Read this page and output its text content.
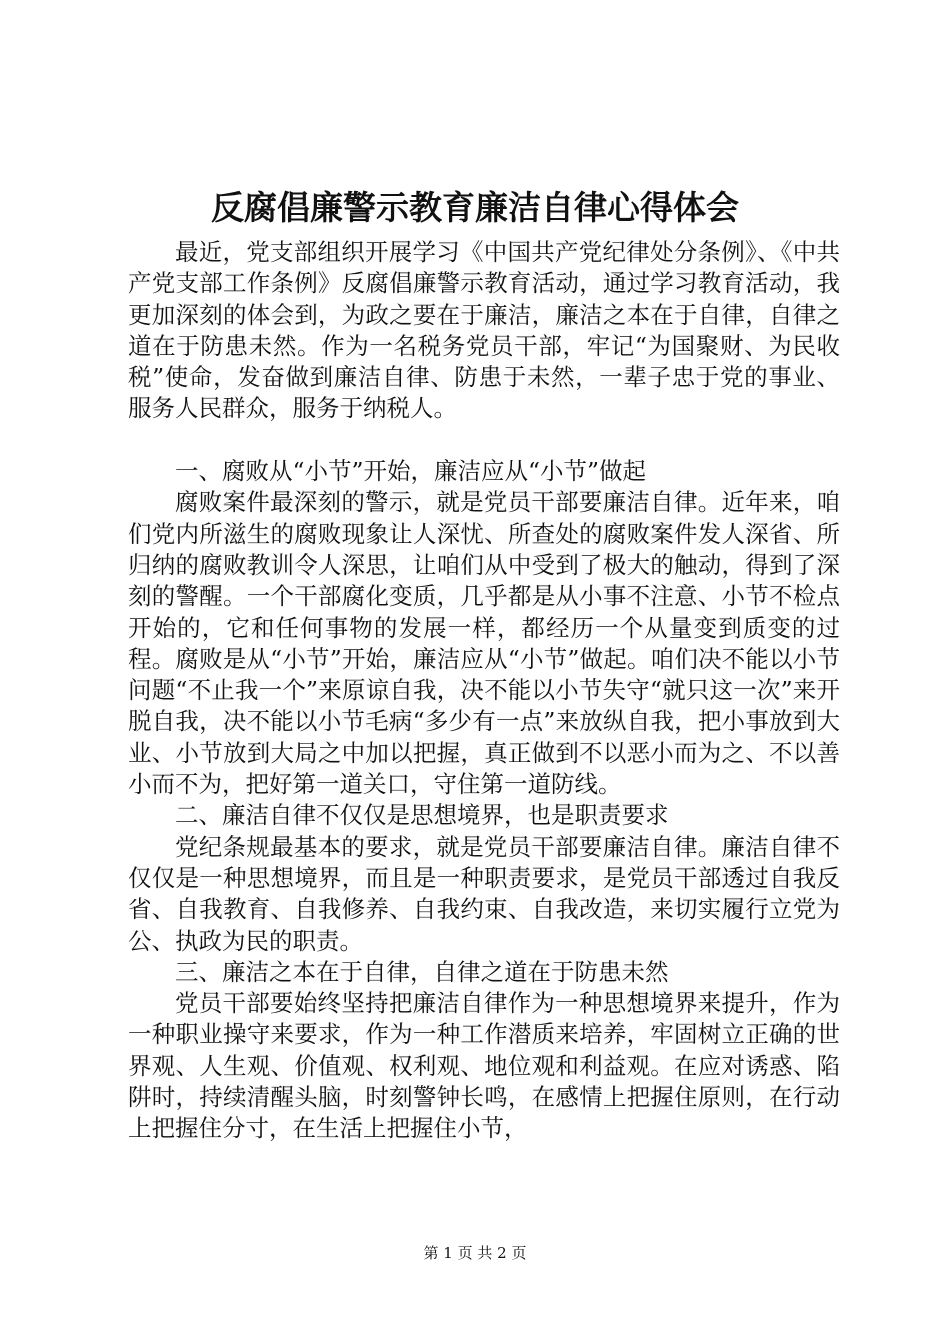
反腐倡廉警示教育廉洁自律心得体会

最近，党支部组织开展学习《中国共产党纪律处分条例》、《中共产党支部工作条例》反腐倡廉警示教育活动，通过学习教育活动，我更加深刻的体会到，为政之要在于廉洁，廉洁之本在于自律，自律之道在于防患未然。作为一名税务党员干部，牢记“为国聚财、为民收税”使命，发奋做到廉洁自律、防患于未然，一辈子忠于党的事业、服务人民群众，服务于纳税人。

一、腐败从“小节”开始，廉洁应从“小节”做起

腐败案件最深刻的警示，就是党员干部要廉洁自律。近年来，咱们党内所滋生的腐败现象让人深忧、所查处的腐败案件发人深省、所归纳的腐败教训令人深思，让咱们从中受到了极大的触动，得到了深刻的警醒。一个干部腐化变质，几乎都是从小事不注意、小节不检点开始的，它和任何事物的发展一样，都经历一个从量变到质变的过程。腐败是从“小节”开始，廉洁应从“小节”做起。咱们决不能以小节问题“不止我一个”来原谅自我，决不能以小节失守“就只这一次”来开脱自我，决不能以小节毛病“多少有一点”来放纵自我，把小事放到大业、小节放到大局之中加以把握，真正做到不以恶小而为之、不以善小而不为，把好第一道关口，守住第一道防线。

二、廉洁自律不仅仅是思想境界，也是职责要求

党纪条规最基本的要求，就是党员干部要廉洁自律。廉洁自律不仅仅是一种思想境界，而且是一种职责要求，是党员干部透过自我反省、自我教育、自我修养、自我约束、自我改造，来切实履行立党为公、执政为民的职责。

三、廉洁之本在于自律，自律之道在于防患未然

党员干部要始终坚持把廉洁自律作为一种思想境界来提升，作为一种职业操守来要求，作为一种工作潜质来培养，牢固树立正确的世界观、人生观、价值观、权利观、地位观和利益观。在应对诱惑、陷阱时，持续清醒头脑，时刻警钟长鸣，在感情上把握住原则，在行动上把握住分寸，在生活上把握住小节，

第 1 页 共 2 页
